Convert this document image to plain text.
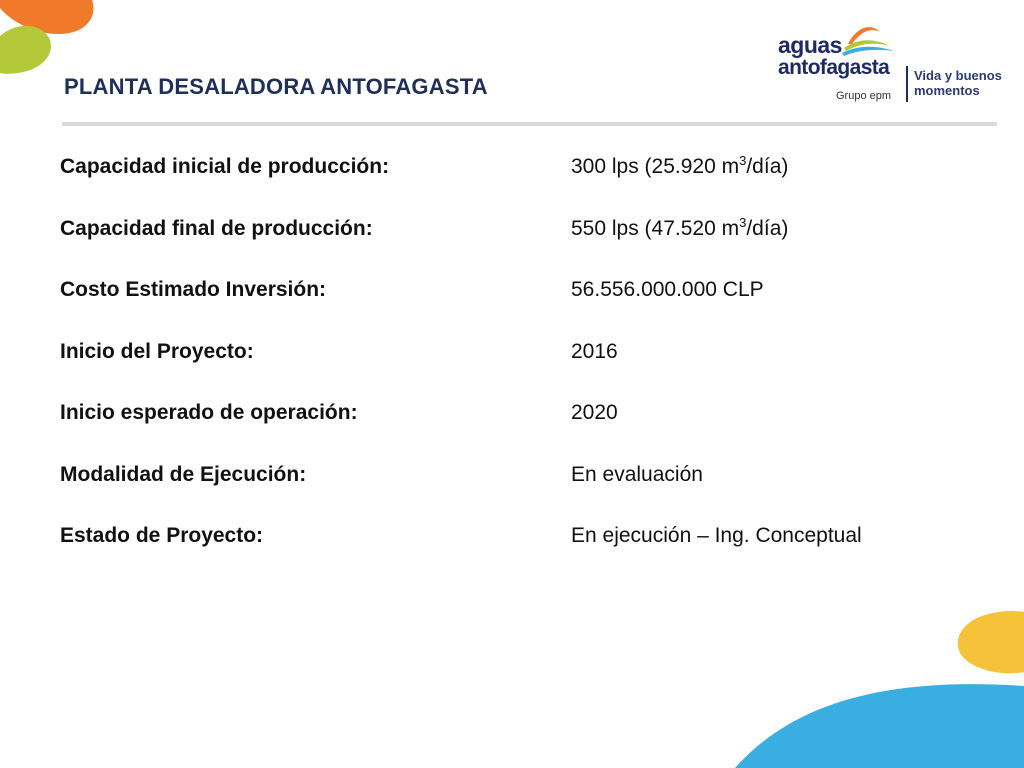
PLANTA DESALADORA ANTOFAGASTA
aguas
antofagasta
Grupo epm
Vida y buenos
momentos
Capacidad inicial de producción:	300 lps (25.920 $m^3/día$)
Capacidad final de producción:	550 lps (47.520 $m^3/día$)
Costo Estimado Inversión:	56.556.000.000 CLP
Inicio del Proyecto:	2016
Inicio esperado de operación:	2020
Modalidad de Ejecución:	En evaluación
Estado de Proyecto:	En ejecución – Ing. Conceptual
